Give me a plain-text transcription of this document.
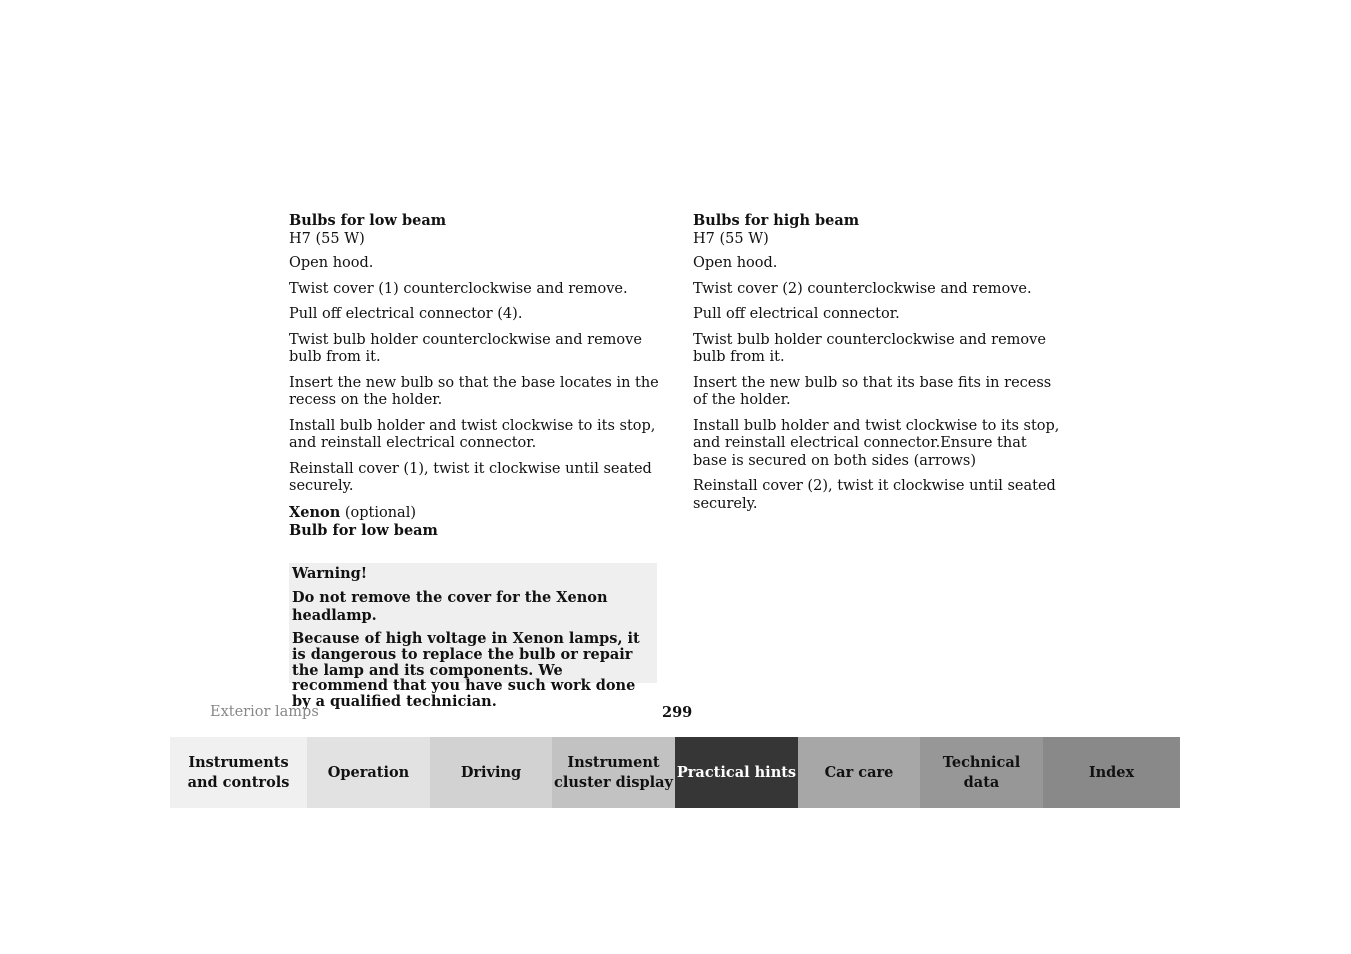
Bulbs for low beam

H7 (55 W)

Open hood.

Twist cover (1) counterclockwise and remove.

Pull off electrical connector (4).

Twist bulb holder counterclockwise and remove bulb from it.

Insert the new bulb so that the base locates in the recess on the holder.

Install bulb holder and twist clockwise to its stop, and reinstall electrical connector.

Reinstall cover (1), twist it clockwise until seated securely.

Xenon (optional)

Bulb for low beam

Warning!

Do not remove the cover for the Xenon headlamp.

Because of high voltage in Xenon lamps, it is dangerous to replace the bulb or repair the lamp and its components. We recommend that you have such work done by a qualified technician.

Bulbs for high beam

H7 (55 W)

Open hood.

Twist cover (2) counterclockwise and remove.

Pull off electrical connector.

Twist bulb holder counterclockwise and remove bulb from it.

Insert the new bulb so that its base fits in recess of the holder.

Install bulb holder and twist clockwise to its stop, and reinstall electrical connector.Ensure that base is secured on both sides (arrows)

Reinstall cover (2), twist it clockwise until seated securely.

Exterior lamps	299
Instruments
and controls
Operation	Driving
Instrument
cluster display
Practical hints Car care
Technical
data
Index
